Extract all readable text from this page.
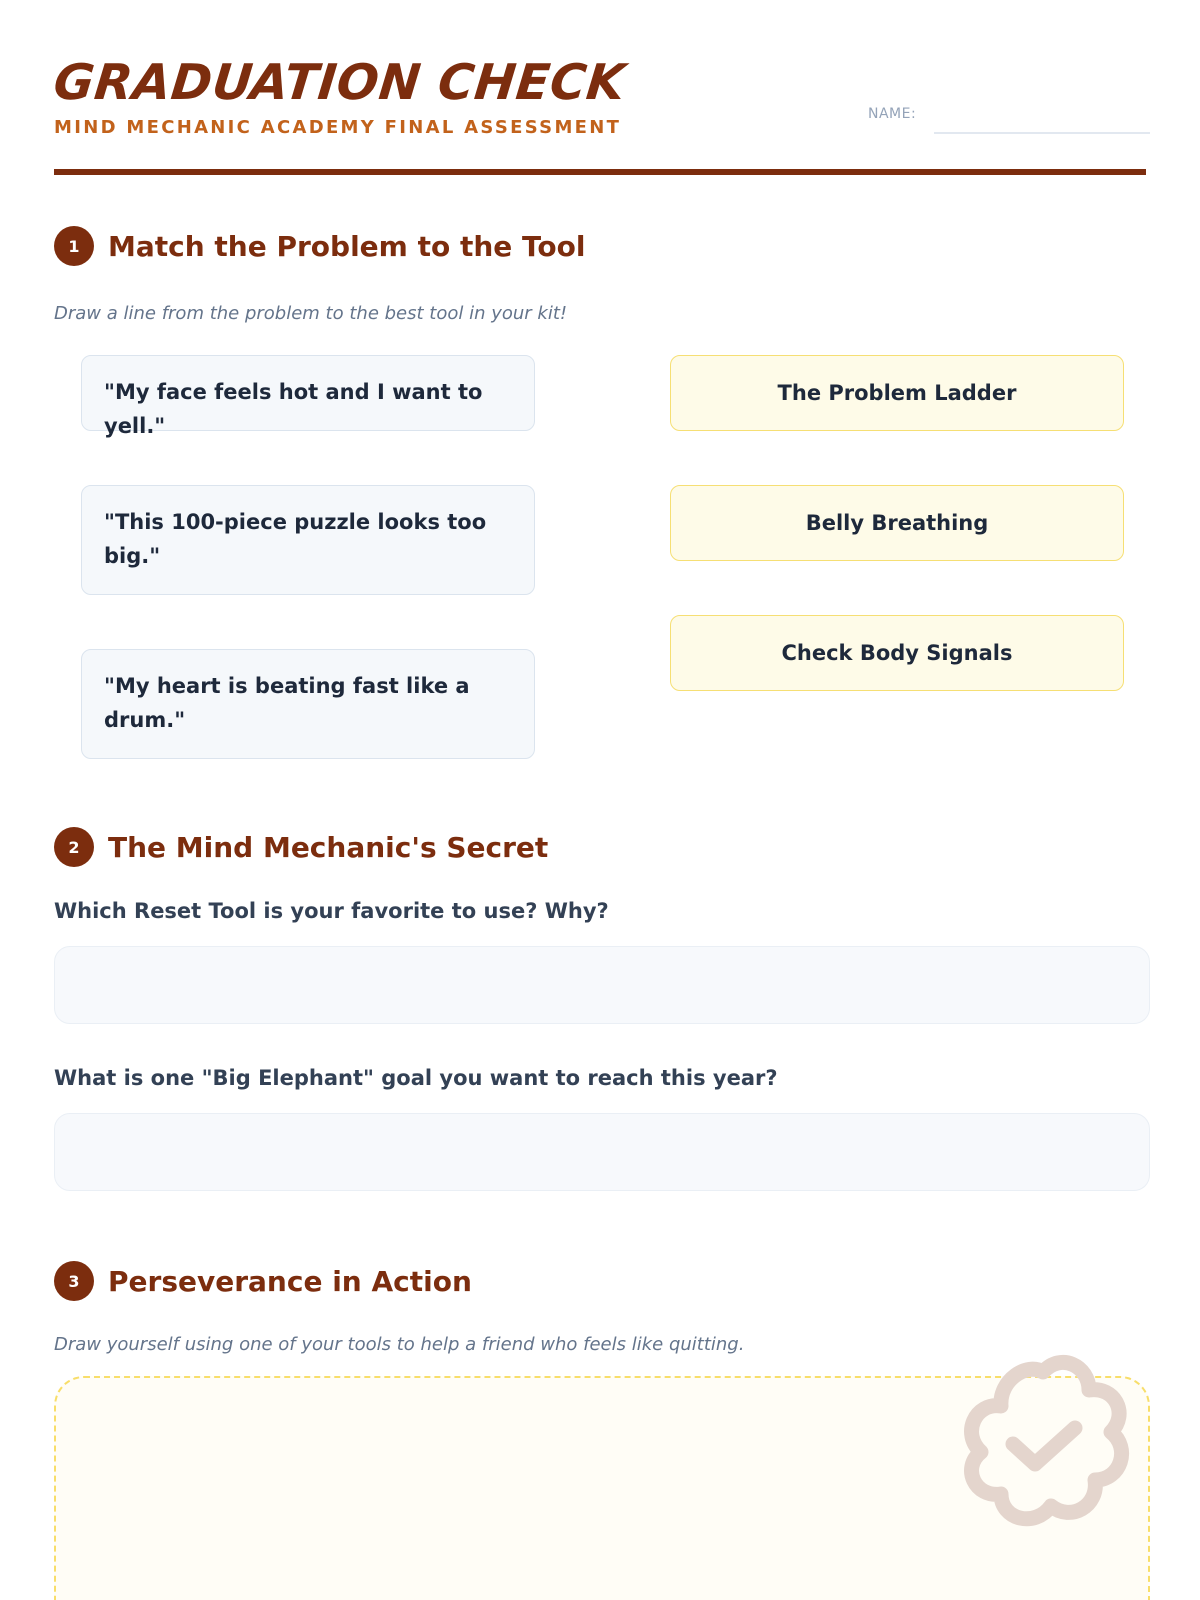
GRADUATION CHECK
MIND MECHANIC ACADEMY FINAL ASSESSMENT
NAME:
1	Match the Problem to the Tool
Draw a line from the problem to the best tool in your kit!
"My face feels hot and I want to yell."
"This 100-piece puzzle looks too big."
"My heart is beating fast like a drum."
The Problem Ladder
Belly Breathing
Check Body Signals
2	The Mind Mechanic's Secret
Which Reset Tool is your favorite to use? Why?
What is one "Big Elephant" goal you want to reach this year?
3	Perseverance in Action
Draw yourself using one of your tools to help a friend who feels like quitting.
